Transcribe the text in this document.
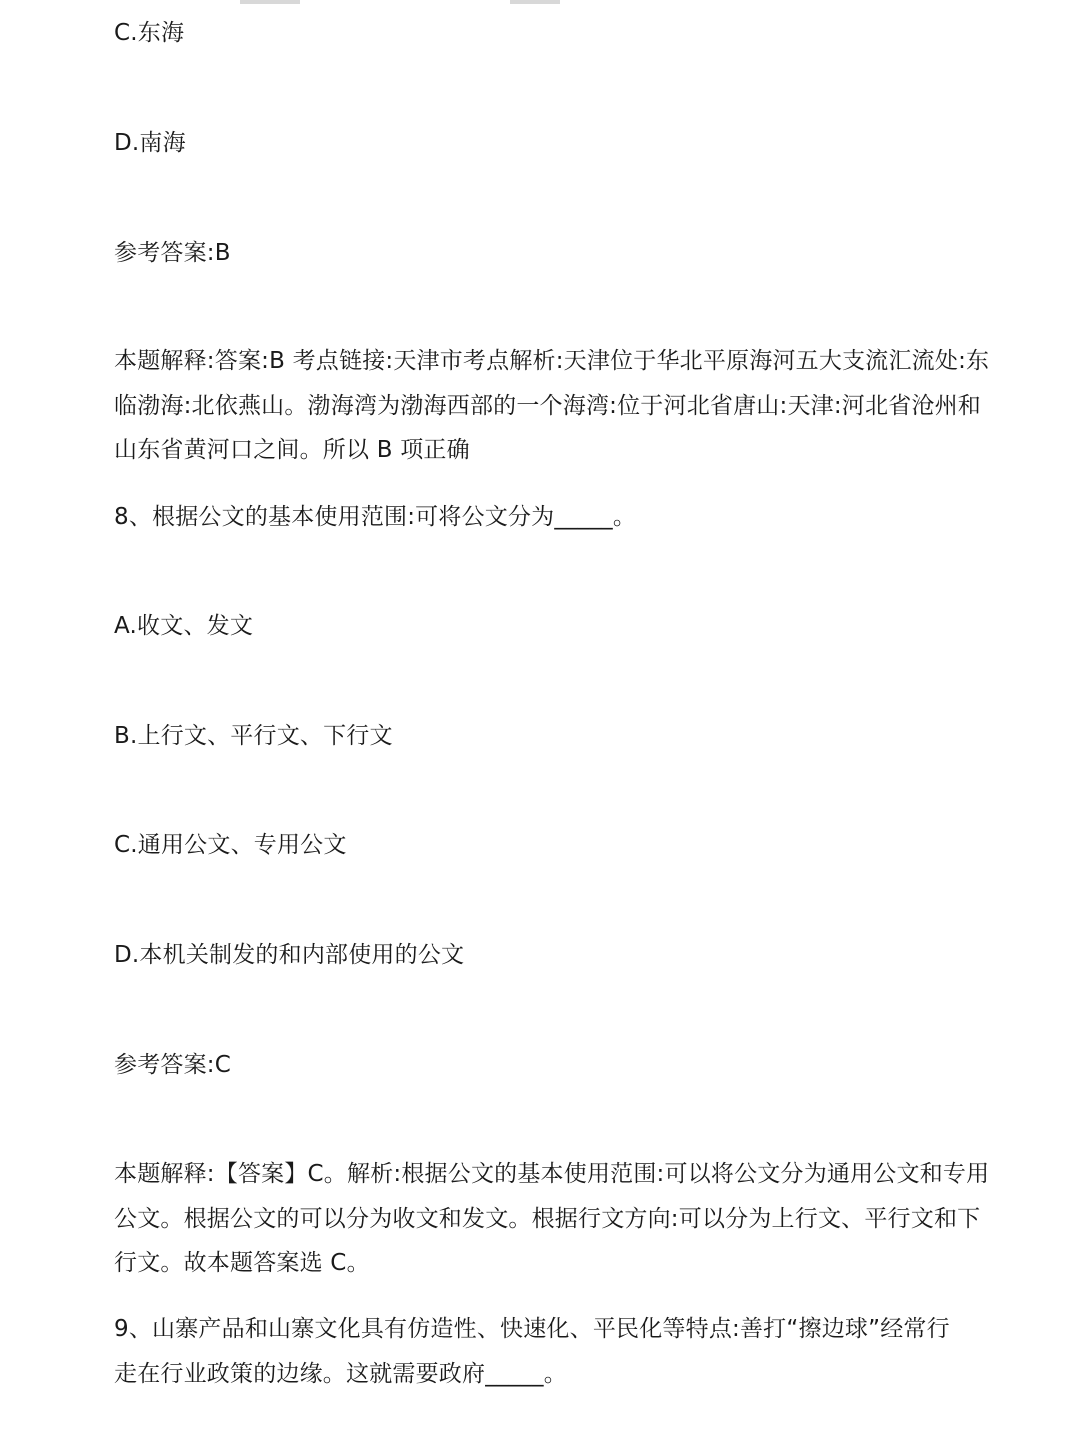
C.东海
D.南海
参考答案:B
本题解释:答案:B 考点链接:天津市考点解析:天津位于华北平原海河五大支流汇流处:东
临渤海:北依燕山。渤海湾为渤海西部的一个海湾:位于河北省唐山:天津:河北省沧州和
山东省黄河口之间。所以 B 项正确
8、根据公文的基本使用范围:可将公文分为_____。
A.收文、发文
B.上行文、平行文、下行文
C.通用公文、专用公文
D.本机关制发的和内部使用的公文
参考答案:C
本题解释:【答案】C。解析:根据公文的基本使用范围:可以将公文分为通用公文和专用
公文。根据公文的可以分为收文和发文。根据行文方向:可以分为上行文、平行文和下
行文。故本题答案选 C。
9、山寨产品和山寨文化具有仿造性、快速化、平民化等特点:善打“擦边球”经常行
走在行业政策的边缘。这就需要政府_____。
